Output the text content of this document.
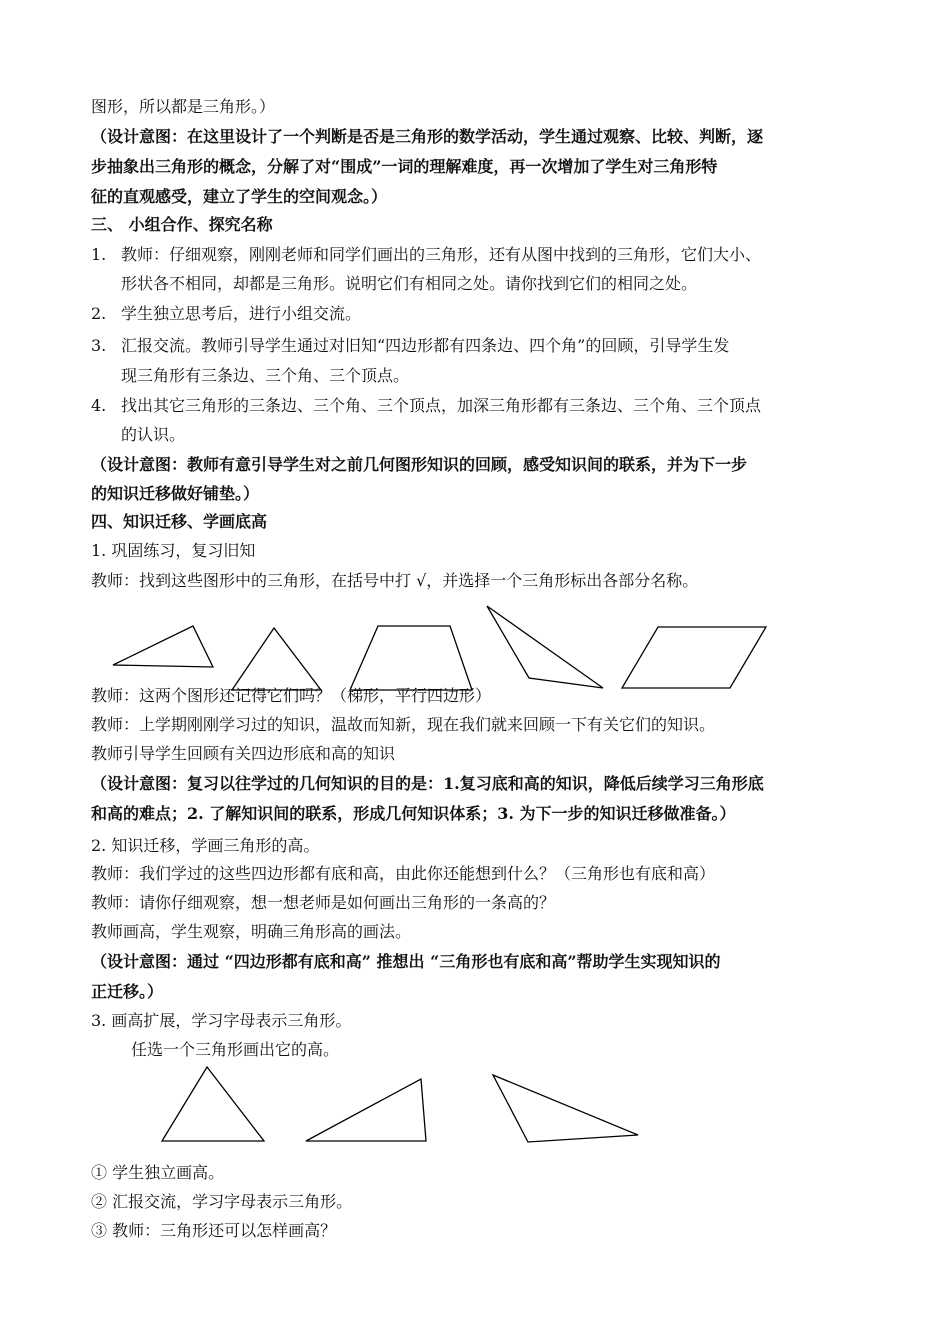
图形，所以都是三角形。）
（设计意图：在这里设计了一个判断是否是三角形的数学活动，学生通过观察、比较、判断，逐
步抽象出三角形的概念，分解了对“围成”一词的理解难度，再一次增加了学生对三角形特
征的直观感受，建立了学生的空间观念。）
三、 小组合作、探究名称
1. 教师：仔细观察，刚刚老师和同学们画出的三角形，还有从图中找到的三角形，它们大小、
形状各不相同，却都是三角形。说明它们有相同之处。请你找到它们的相同之处。
2. 学生独立思考后，进行小组交流。
3. 汇报交流。教师引导学生通过对旧知“四边形都有四条边、四个角”的回顾，引导学生发
现三角形有三条边、三个角、三个顶点。
4. 找出其它三角形的三条边、三个角、三个顶点，加深三角形都有三条边、三个角、三个顶点
的认识。
（设计意图：教师有意引导学生对之前几何图形知识的回顾，感受知识间的联系，并为下一步
的知识迁移做好铺垫。）
四、知识迁移、学画底高
1. 巩固练习，复习旧知
教师：找到这些图形中的三角形，在括号中打 √，并选择一个三角形标出各部分名称。
教师：这两个图形还记得它们吗？（梯形，平行四边形）
教师：上学期刚刚学习过的知识，温故而知新，现在我们就来回顾一下有关它们的知识。
教师引导学生回顾有关四边形底和高的知识
（设计意图：复习以往学过的几何知识的目的是：1.复习底和高的知识，降低后续学习三角形底
和高的难点；2. 了解知识间的联系，形成几何知识体系；3. 为下一步的知识迁移做准备。）
2. 知识迁移，学画三角形的高。
教师：我们学过的这些四边形都有底和高，由此你还能想到什么？（三角形也有底和高）
教师：请你仔细观察，想一想老师是如何画出三角形的一条高的？
教师画高，学生观察，明确三角形高的画法。
（设计意图：通过 “四边形都有底和高” 推想出 “三角形也有底和高”帮助学生实现知识的
正迁移。）
3. 画高扩展，学习字母表示三角形。
任选一个三角形画出它的高。
① 学生独立画高。
② 汇报交流，学习字母表示三角形。
③ 教师：三角形还可以怎样画高？
